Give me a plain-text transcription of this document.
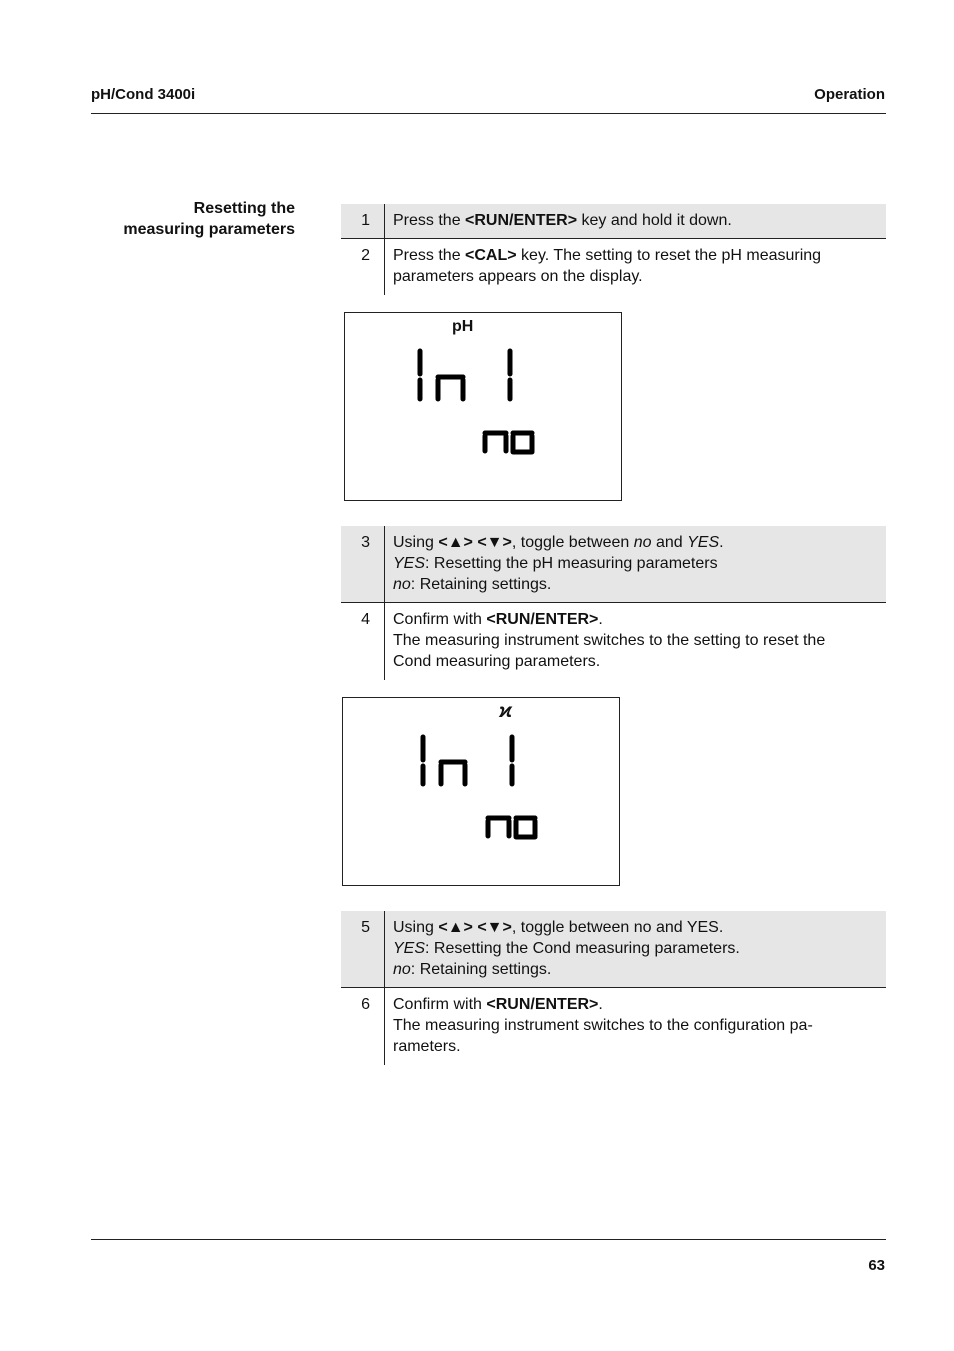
pH/Cond 3400i	Operation
Resetting the
measuring parameters
1	Press the <RUN/ENTER> key and hold it down.
2	Press the <CAL> key. The setting to reset the pH measuring
parameters appears on the display.
pH
3	Using <▲> <▼>, toggle between no and YES.
YES: Resetting the pH measuring parameters
no: Retaining settings.
4	Confirm with <RUN/ENTER>.
The measuring instrument switches to the setting to reset the
Cond measuring parameters.
ϰ
5	Using <▲> <▼>, toggle between no and YES.
YES: Resetting the Cond measuring parameters.
no: Retaining settings.
6	Confirm with <RUN/ENTER>.
The measuring instrument switches to the configuration pa-
rameters.
63
